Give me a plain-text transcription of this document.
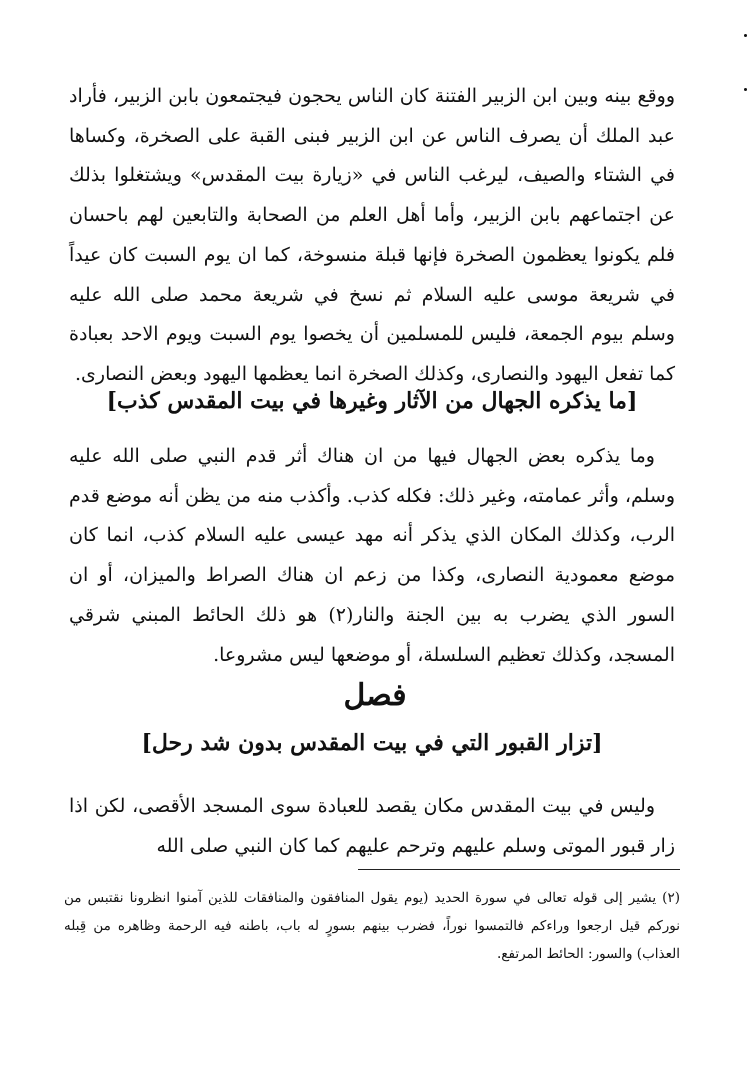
ووقع بينه وبين ابن الزبير الفتنة كان الناس يحجون فيجتمعون بابن الزبير، فأراد عبد الملك أن يصرف الناس عن ابن الزبير فبنى القبة على الصخرة، وكساها في الشتاء والصيف، ليرغب الناس في «زيارة بيت المقدس» ويشتغلوا بذلك عن اجتماعهم بابن الزبير، وأما أهل العلم من الصحابة والتابعين لهم باحسان فلم يكونوا يعظمون الصخرة فإنها قبلة منسوخة، كما ان يوم السبت كان عيداً في شريعة موسى عليه السلام ثم نسخ في شريعة محمد صلى الله عليه وسلم بيوم الجمعة، فليس للمسلمين أن يخصوا يوم السبت ويوم الاحد بعبادة كما تفعل اليهود والنصارى، وكذلك الصخرة انما يعظمها اليهود وبعض النصارى.

[ما يذكره الجهال من الآثار وغيرها في بيت المقدس كذب]

وما يذكره بعض الجهال فيها من ان هناك أثر قدم النبي صلى الله عليه وسلم، وأثر عمامته، وغير ذلك: فكله كذب. وأكذب منه من يظن أنه موضع قدم الرب، وكذلك المكان الذي يذكر أنه مهد عيسى عليه السلام كذب، انما كان موضع معمودية النصارى، وكذا من زعم ان هناك الصراط والميزان، أو ان السور الذي يضرب به بين الجنة والنار(٢) هو ذلك الحائط المبني شرقي المسجد، وكذلك تعظيم السلسلة، أو موضعها ليس مشروعا.

فصل
[تزار القبور التي في بيت المقدس بدون شد رحل]

وليس في بيت المقدس مكان يقصد للعبادة سوى المسجد الأقصى، لكن اذا زار قبور الموتى وسلم عليهم وترحم عليهم كما كان النبي صلى الله

(٢) يشير إلى قوله تعالى في سورة الحديد (يوم يقول المنافقون والمنافقات للذين آمنوا انظرونا نقتبس من نوركم قيل ارجعوا وراءكم فالتمسوا نوراً، فضرب بينهم بسورٍ له باب، باطنه فيه الرحمة وظاهره من قِبله العذاب) والسور: الحائط المرتفع.
